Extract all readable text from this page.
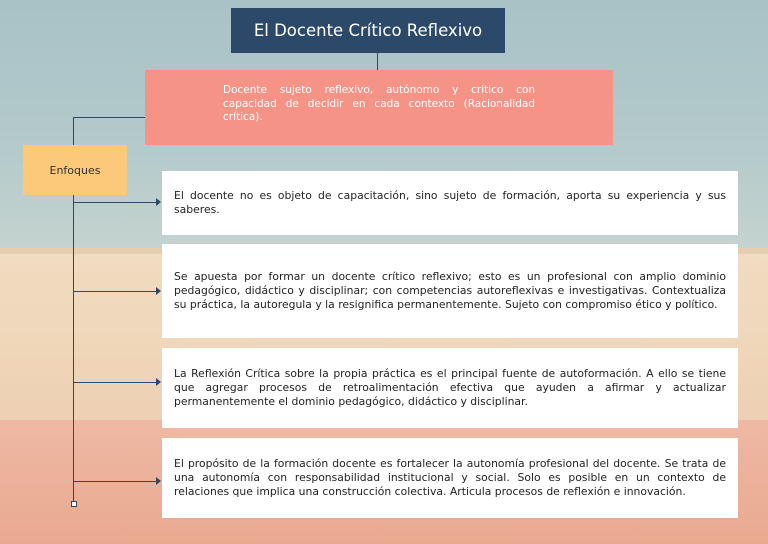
El Docente Crítico Reflexivo
Docente sujeto reflexivo, autónomo y critico con capacidad de decidir en cada contexto (Racionalidad crítica).
Enfoques
El docente no es objeto de capacitación, sino sujeto de formación, aporta su experiencia y sus saberes.
Se apuesta por formar un docente crítico reflexivo; esto es un profesional con amplio dominio pedagógico, didáctico y disciplinar; con competencias autoreflexivas e investigativas. Contextualiza su práctica, la autoregula y la resignifica permanentemente. Sujeto con compromiso ético y político.
La Reflexión Crítica sobre la propia práctica es el principal fuente de autoformación. A ello se tiene que agregar procesos de retroalimentación efectiva que ayuden a afirmar y actualizar permanentemente el dominio pedagógico, didáctico y disciplinar.
El propósito de la formación docente es fortalecer la autonomía profesional del docente. Se trata de una autonomía con responsabilidad institucional y social. Solo es posible en un contexto de relaciones que implica una construcción colectiva. Articula procesos de reflexión e innovación.
